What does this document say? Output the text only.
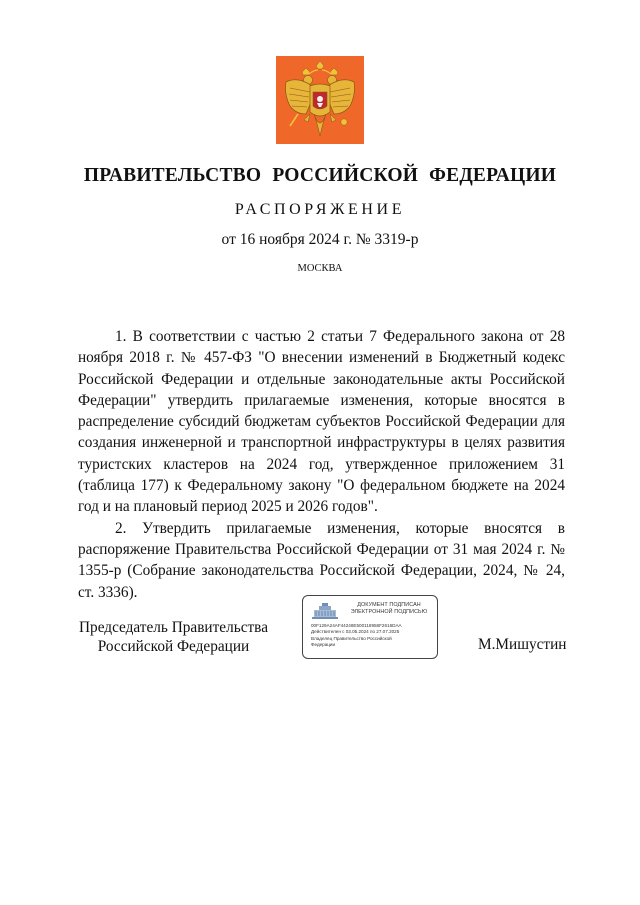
ПРАВИТЕЛЬСТВО РОССИЙСКОЙ ФЕДЕРАЦИИ
РАСПОРЯЖЕНИЕ
от 16 ноября 2024 г. № 3319-р
МОСКВА

1. В соответствии с частью 2 статьи 7 Федерального закона от 28 ноября 2018 г. № 457-ФЗ "О внесении изменений в Бюджетный кодекс Российской Федерации и отдельные законодательные акты Российской Федерации" утвердить прилагаемые изменения, которые вносятся в распределение субсидий бюджетам субъектов Российской Федерации для создания инженерной и транспортной инфраструктуры в целях развития туристских кластеров на 2024 год, утвержденное приложением 31 (таблица 177) к Федеральному закону "О федеральном бюджете на 2024 год и на плановый период 2025 и 2026 годов".

2. Утвердить прилагаемые изменения, которые вносятся в распоряжение Правительства Российской Федерации от 31 мая 2024 г. № 1355-р (Собрание законодательства Российской Федерации, 2024, № 24, ст. 3336).

Председатель Правительства
Российской Федерации
ДОКУМЕНТ ПОДПИСАН
ЭЛЕКТРОННОЙ ПОДПИСЬЮ
00F129A24AF44248E500118958F2616DAA
Действителен с 03.05.2024 по 27.07.2025
Владелец Правительство Российской
Федерации	М.Мишустин
